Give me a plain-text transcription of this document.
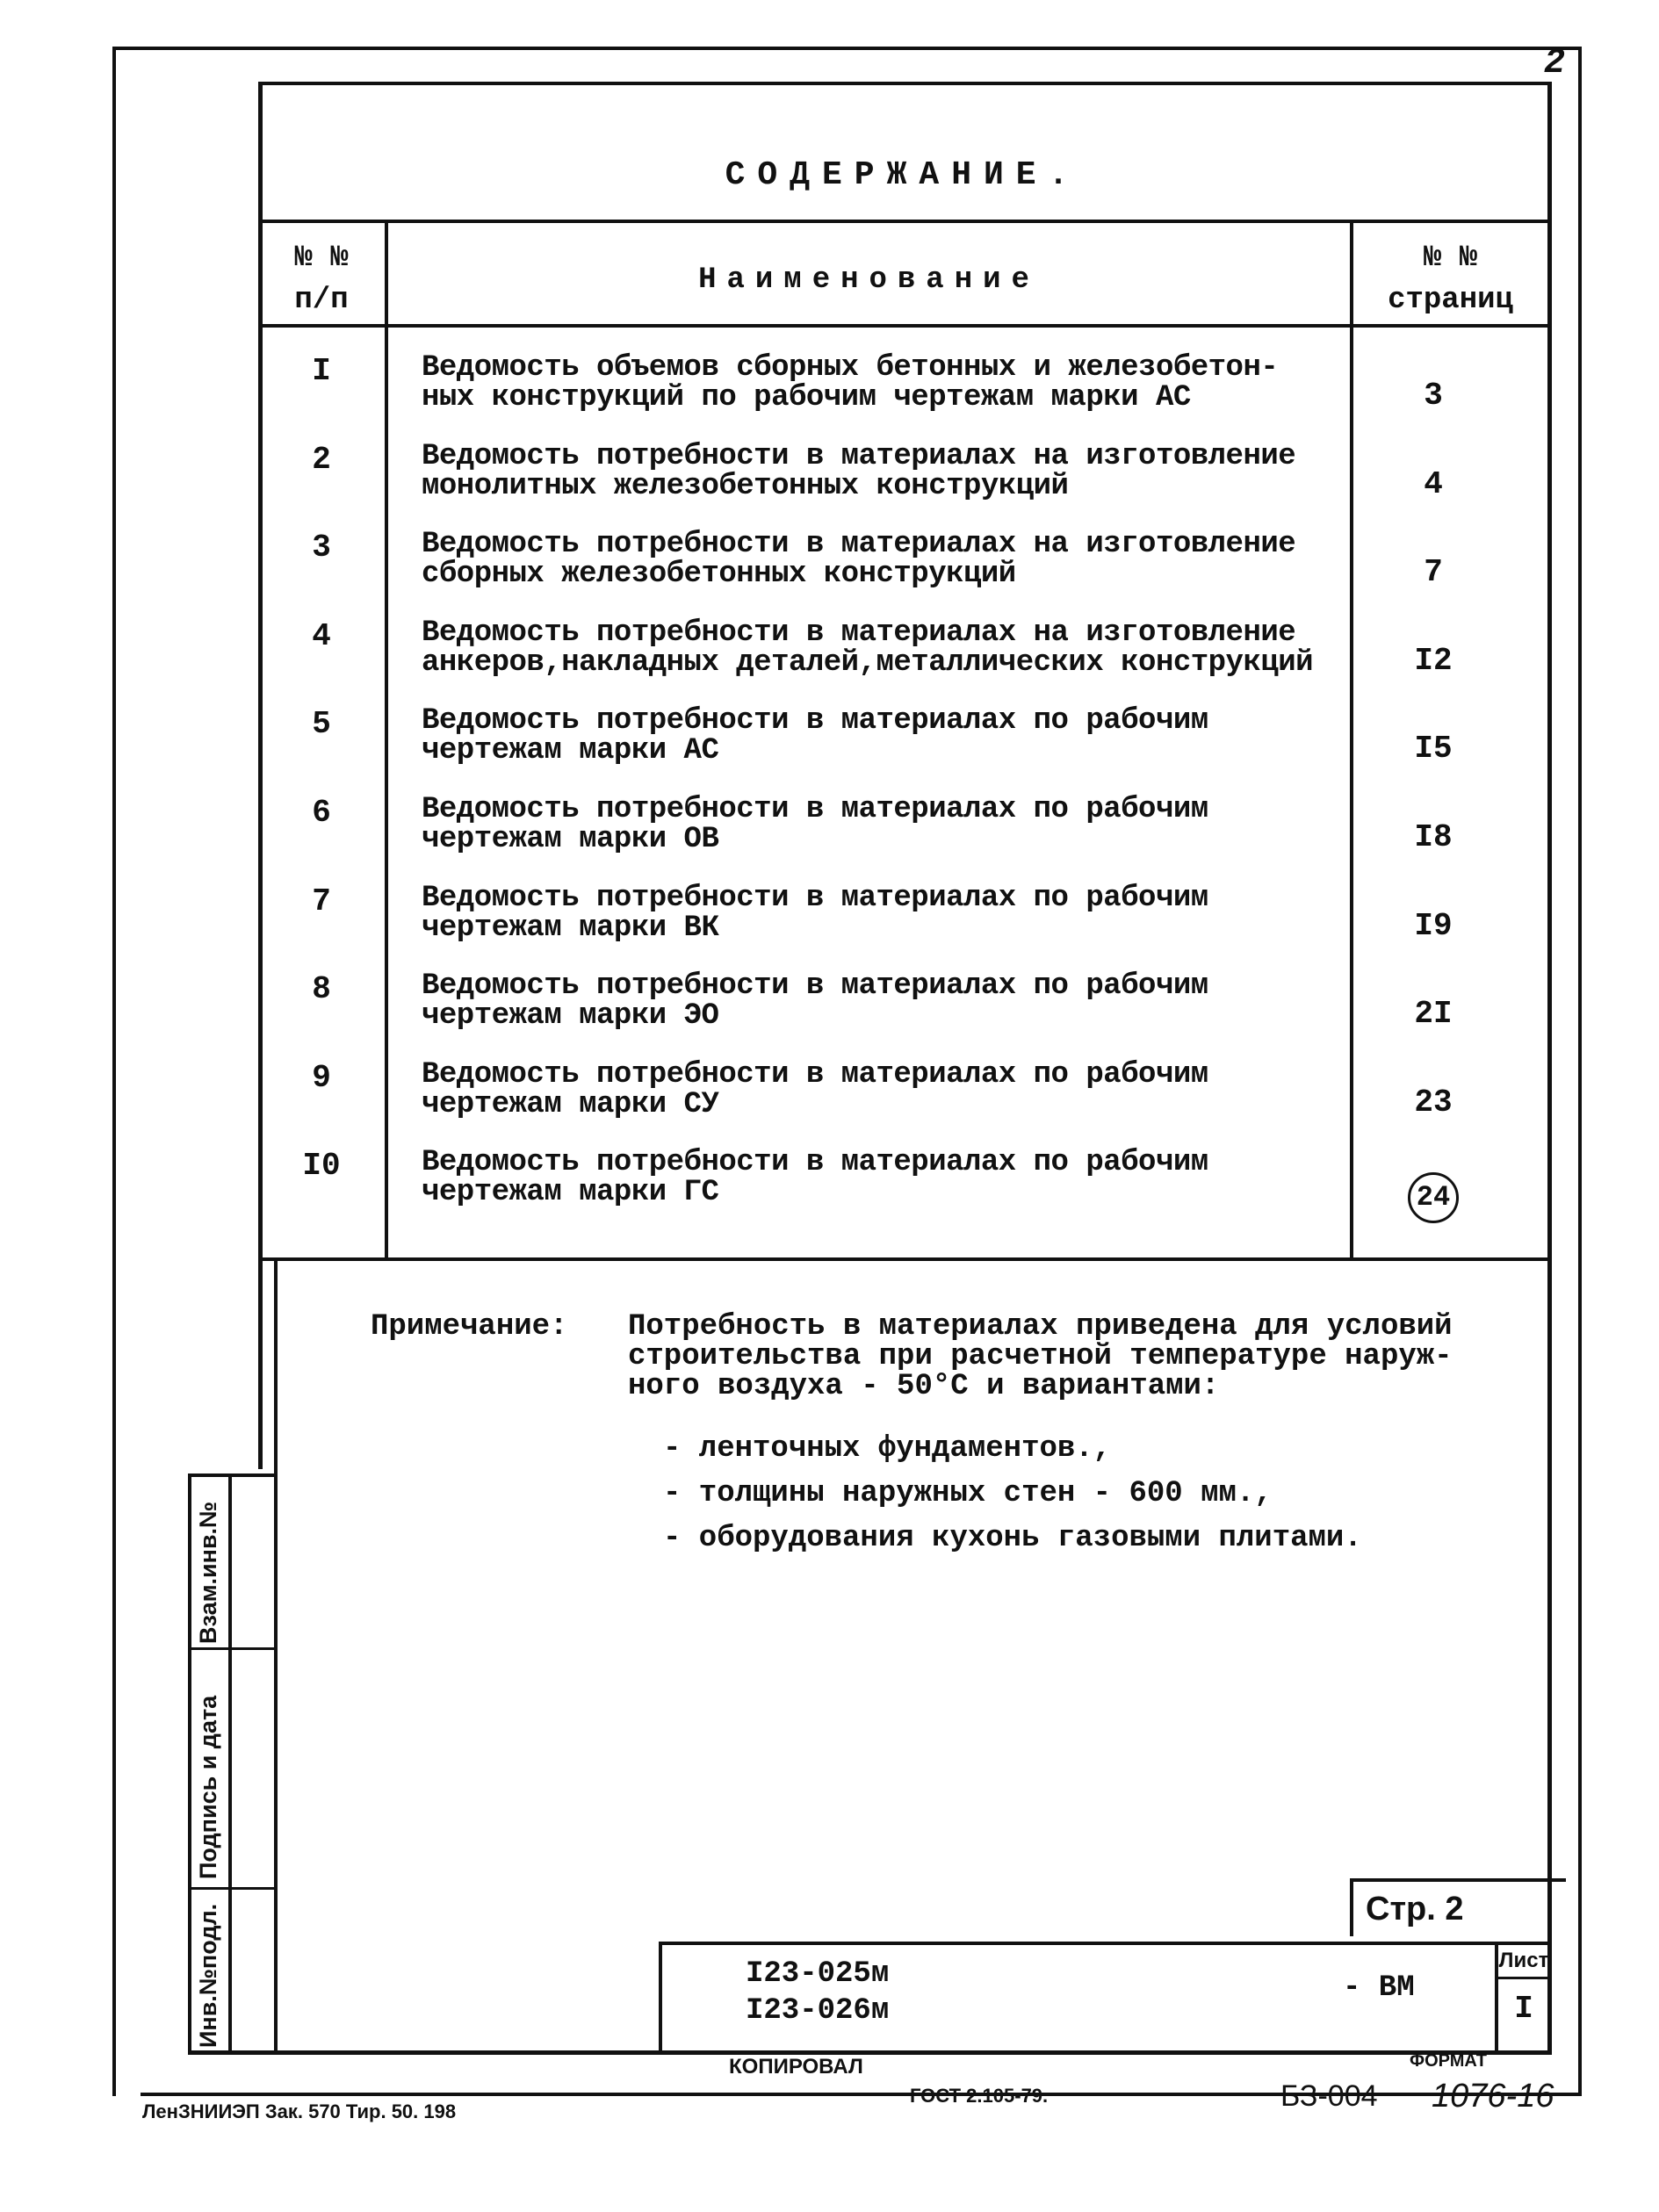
2
СОДЕРЖАНИЕ.
№ №
п/п
Наименование
№ №
страниц
I	Ведомость объемов сборных бетонных и железобетон-
ных конструкций по рабочим чертежам марки АС	3
2	Ведомость потребности в материалах на изготовление
монолитных железобетонных конструкций	4
3	Ведомость потребности в материалах на изготовление
сборных железобетонных конструкций	7
4	Ведомость потребности в материалах на изготовление
анкеров,накладных деталей,металлических конструкций	I2
5	Ведомость потребности в материалах по рабочим
чертежам марки АС	I5
6	Ведомость потребности в материалах по рабочим
чертежам марки ОВ	I8
7	Ведомость потребности в материалах по рабочим
чертежам марки ВК	I9
8	Ведомость потребности в материалах по рабочим
чертежам марки ЭО	2I
9	Ведомость потребности в материалах по рабочим
чертежам марки СУ	23
I0	Ведомость потребности в материалах по рабочим
чертежам марки ГС	24
Примечание: Потребность в материалах приведена для условий
строительства при расчетной температуре наруж-
ного воздуха - 50°С и вариантами:
- ленточных фундаментов.,
- толщины наружных стен - 600 мм.,
- оборудования кухонь газовыми плитами.
Инв.№подл.
Подпись и дата
Взам.инв.№
Стр. 2
I23-025м
I23-026м
- ВМ
Лист
I
КОПИРОВАЛ	ФОРМАТ
ЛенЗНИИЭП Зак. 570 Тир. 50. 198
ГОСТ 2.105-79.	БЗ-004 1076-16
